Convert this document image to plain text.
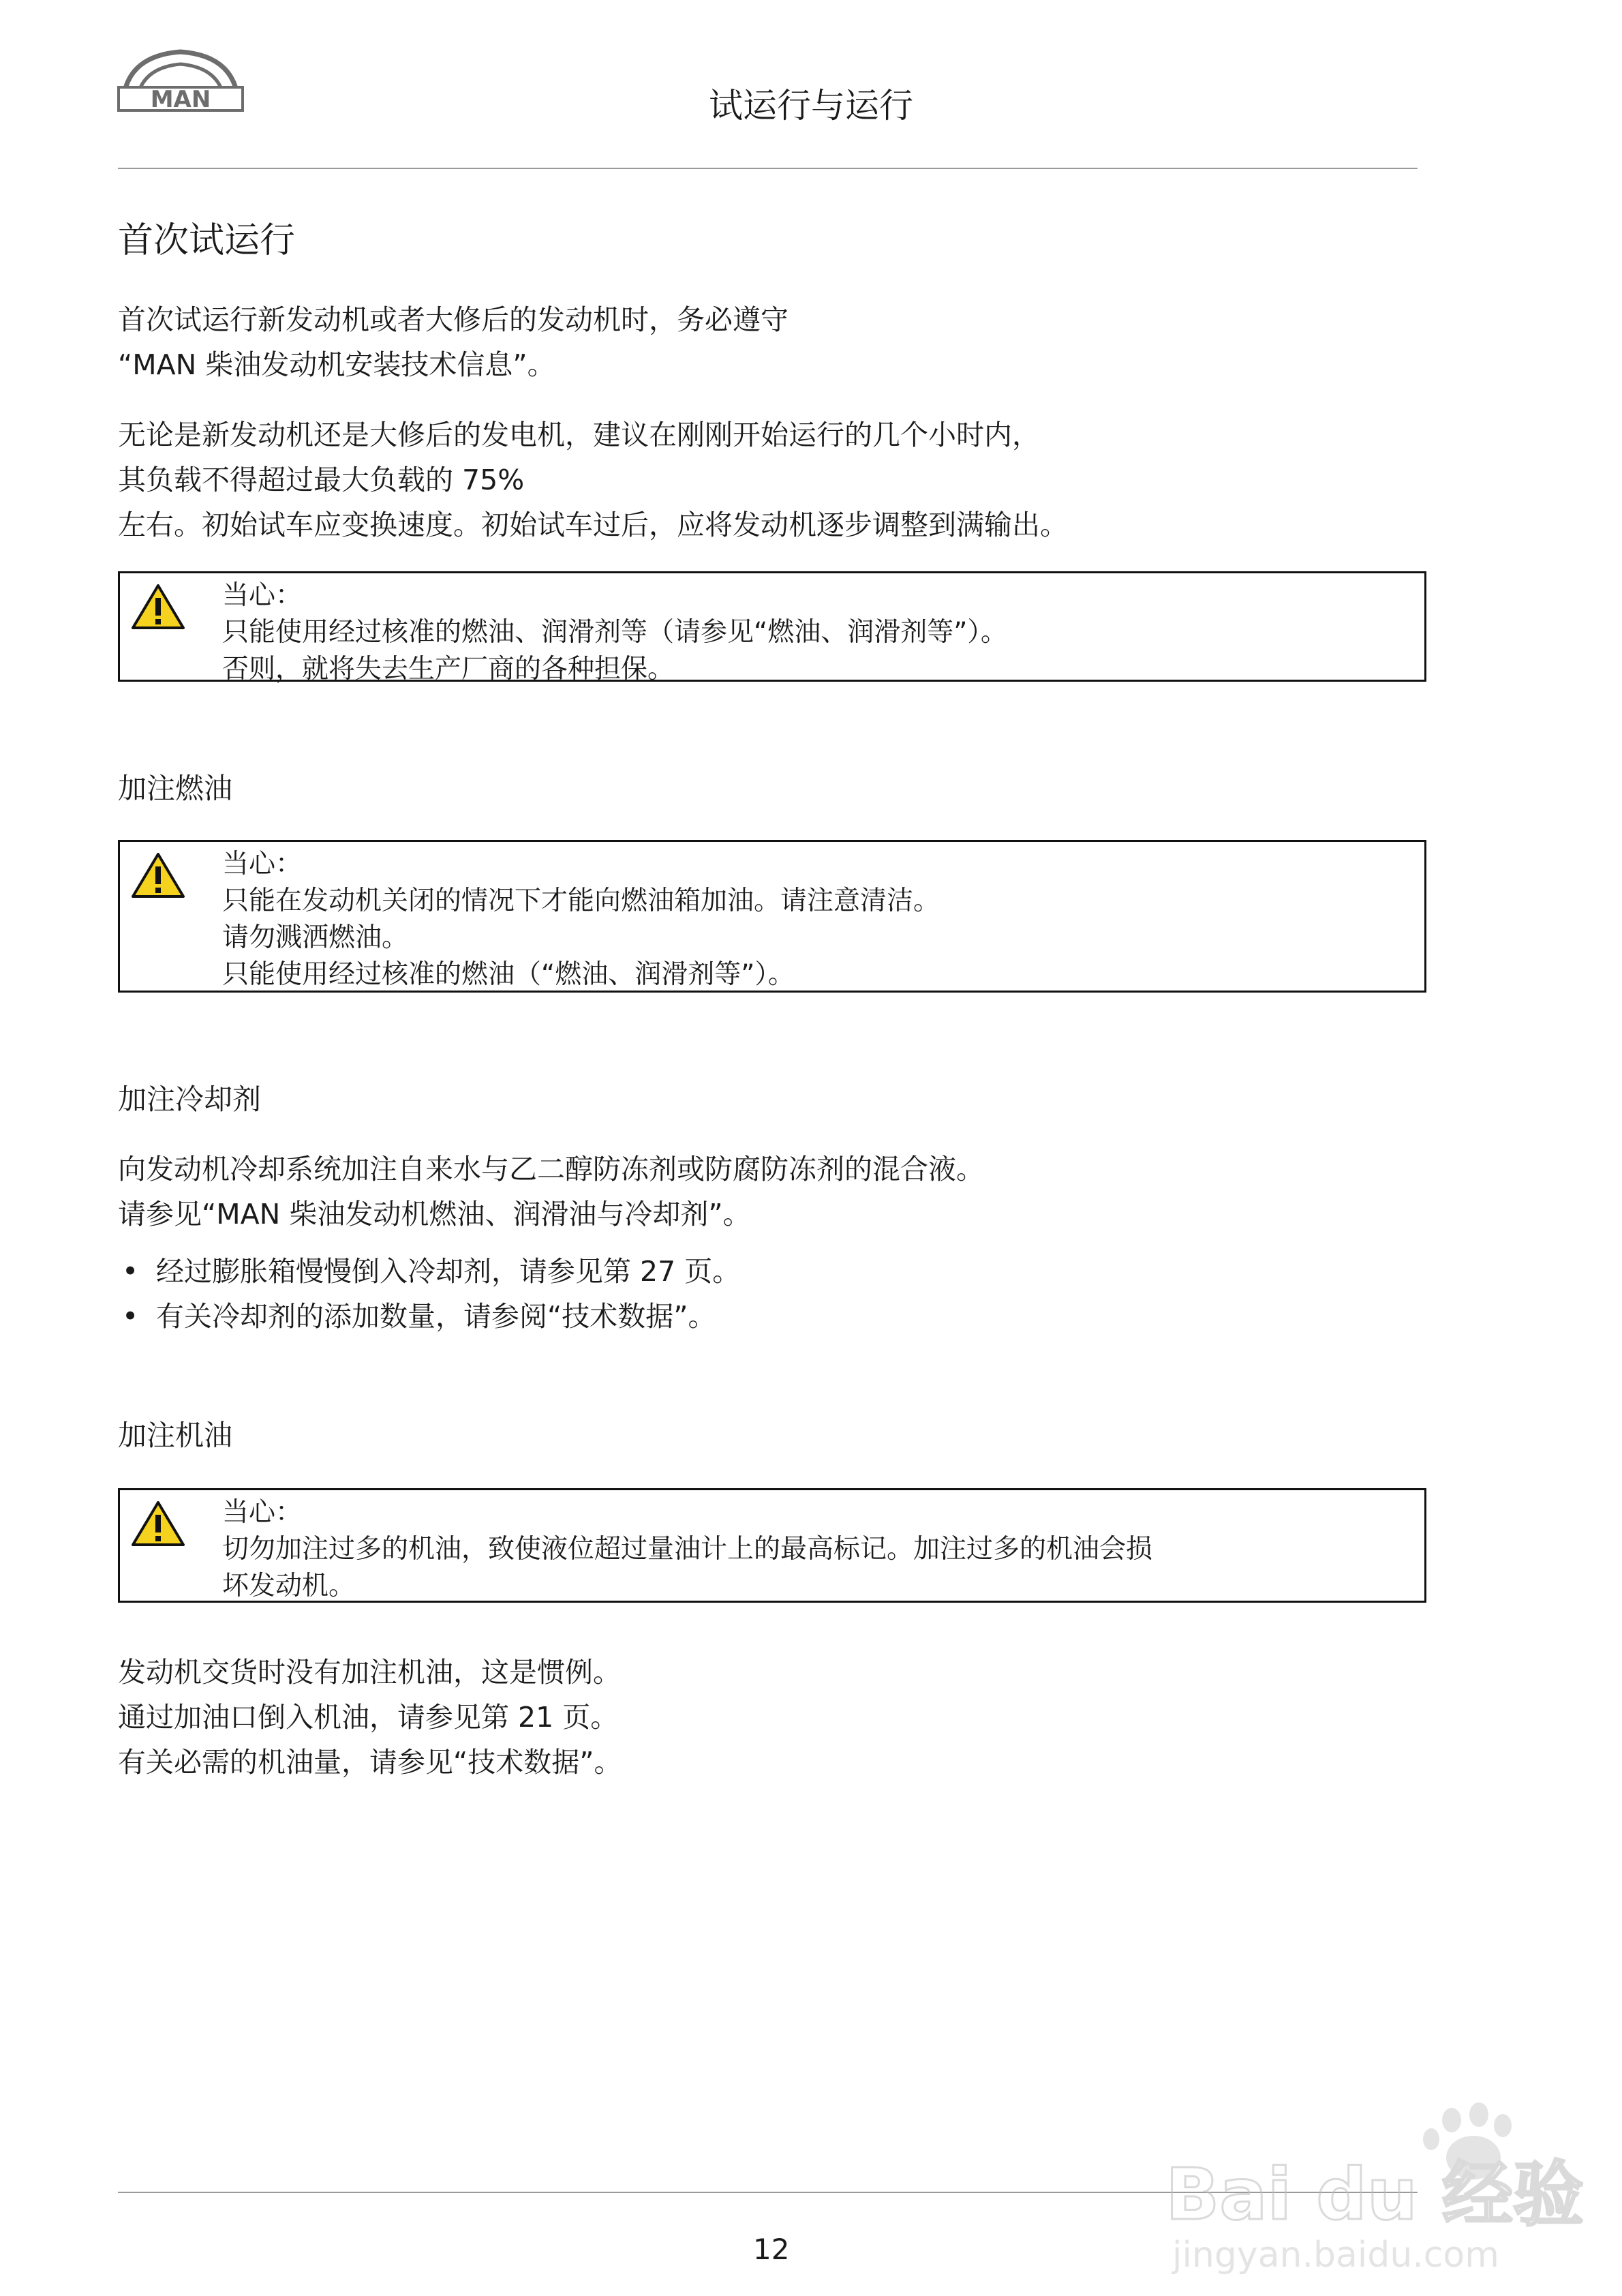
MAN	试运行与运行
首次试运行
首次试运行新发动机或者大修后的发动机时，务必遵守
“MAN 柴油发动机安装技术信息”。
无论是新发动机还是大修后的发电机，建议在刚刚开始运行的几个小时内，
其负载不得超过最大负载的 75%
左右。初始试车应变换速度。初始试车过后，应将发动机逐步调整到满输出。
当心：
只能使用经过核准的燃油、润滑剂等（请参见“燃油、润滑剂等”）。
否则，就将失去生产厂商的各种担保。
加注燃油
当心：
只能在发动机关闭的情况下才能向燃油箱加油。请注意清洁。
请勿溅洒燃油。
只能使用经过核准的燃油（“燃油、润滑剂等”）。
加注冷却剂
向发动机冷却系统加注自来水与乙二醇防冻剂或防腐防冻剂的混合液。
请参见“MAN 柴油发动机燃油、润滑油与冷却剂”。
• 经过膨胀箱慢慢倒入冷却剂，请参见第 27 页。
• 有关冷却剂的添加数量，请参阅“技术数据”。
加注机油
当心：
切勿加注过多的机油，致使液位超过量油计上的最高标记。加注过多的机油会损
坏发动机。
发动机交货时没有加注机油，这是惯例。
通过加油口倒入机油，请参见第 21 页。
有关必需的机油量，请参见“技术数据”。
12
Bai du 经验
jingyan.baidu.com
